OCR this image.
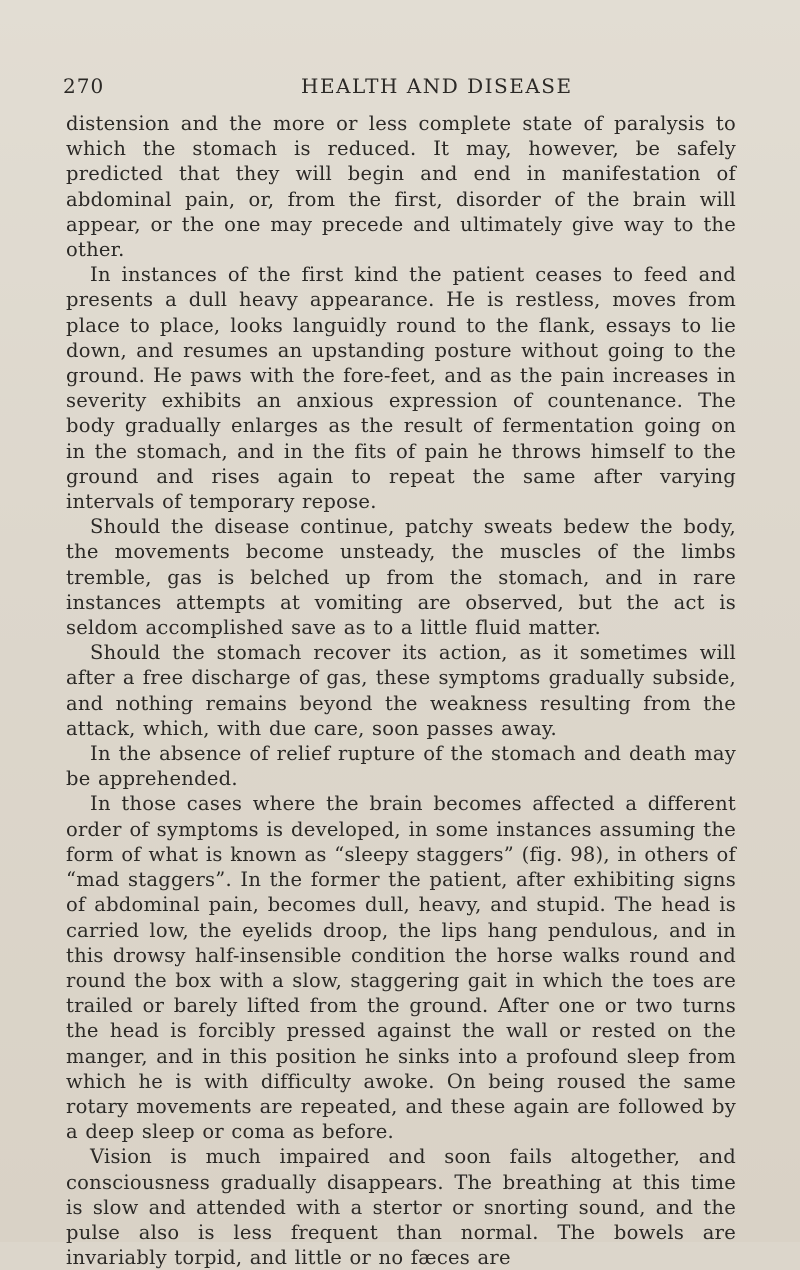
270	HEALTH AND DISEASE

distension and the more or less complete state of paralysis to which the stomach is reduced. It may, however, be safely predicted that they will begin and end in manifestation of abdominal pain, or, from the first, disorder of the brain will appear, or the one may precede and ultimately give way to the other.

In instances of the first kind the patient ceases to feed and presents a dull heavy appearance. He is restless, moves from place to place, looks languidly round to the flank, essays to lie down, and resumes an upstanding posture without going to the ground. He paws with the fore-feet, and as the pain increases in severity exhibits an anxious expression of countenance. The body gradually enlarges as the result of fermentation going on in the stomach, and in the fits of pain he throws himself to the ground and rises again to repeat the same after varying intervals of temporary repose.

Should the disease continue, patchy sweats bedew the body, the movements become unsteady, the muscles of the limbs tremble, gas is belched up from the stomach, and in rare instances attempts at vomiting are observed, but the act is seldom accomplished save as to a little fluid matter.

Should the stomach recover its action, as it sometimes will after a free discharge of gas, these symptoms gradually subside, and nothing remains beyond the weakness resulting from the attack, which, with due care, soon passes away.

In the absence of relief rupture of the stomach and death may be apprehended.

In those cases where the brain becomes affected a different order of symptoms is developed, in some instances assuming the form of what is known as “sleepy staggers” (fig. 98), in others of “mad staggers”. In the former the patient, after exhibiting signs of abdominal pain, becomes dull, heavy, and stupid. The head is carried low, the eyelids droop, the lips hang pendulous, and in this drowsy half-insensible condition the horse walks round and round the box with a slow, staggering gait in which the toes are trailed or barely lifted from the ground. After one or two turns the head is forcibly pressed against the wall or rested on the manger, and in this position he sinks into a profound sleep from which he is with difficulty awoke. On being roused the same rotary movements are repeated, and these again are followed by a deep sleep or coma as before.

Vision is much impaired and soon fails altogether, and consciousness gradually disappears. The breathing at this time is slow and attended with a stertor or snorting sound, and the pulse also is less frequent than normal. The bowels are invariably torpid, and little or no fæces are
